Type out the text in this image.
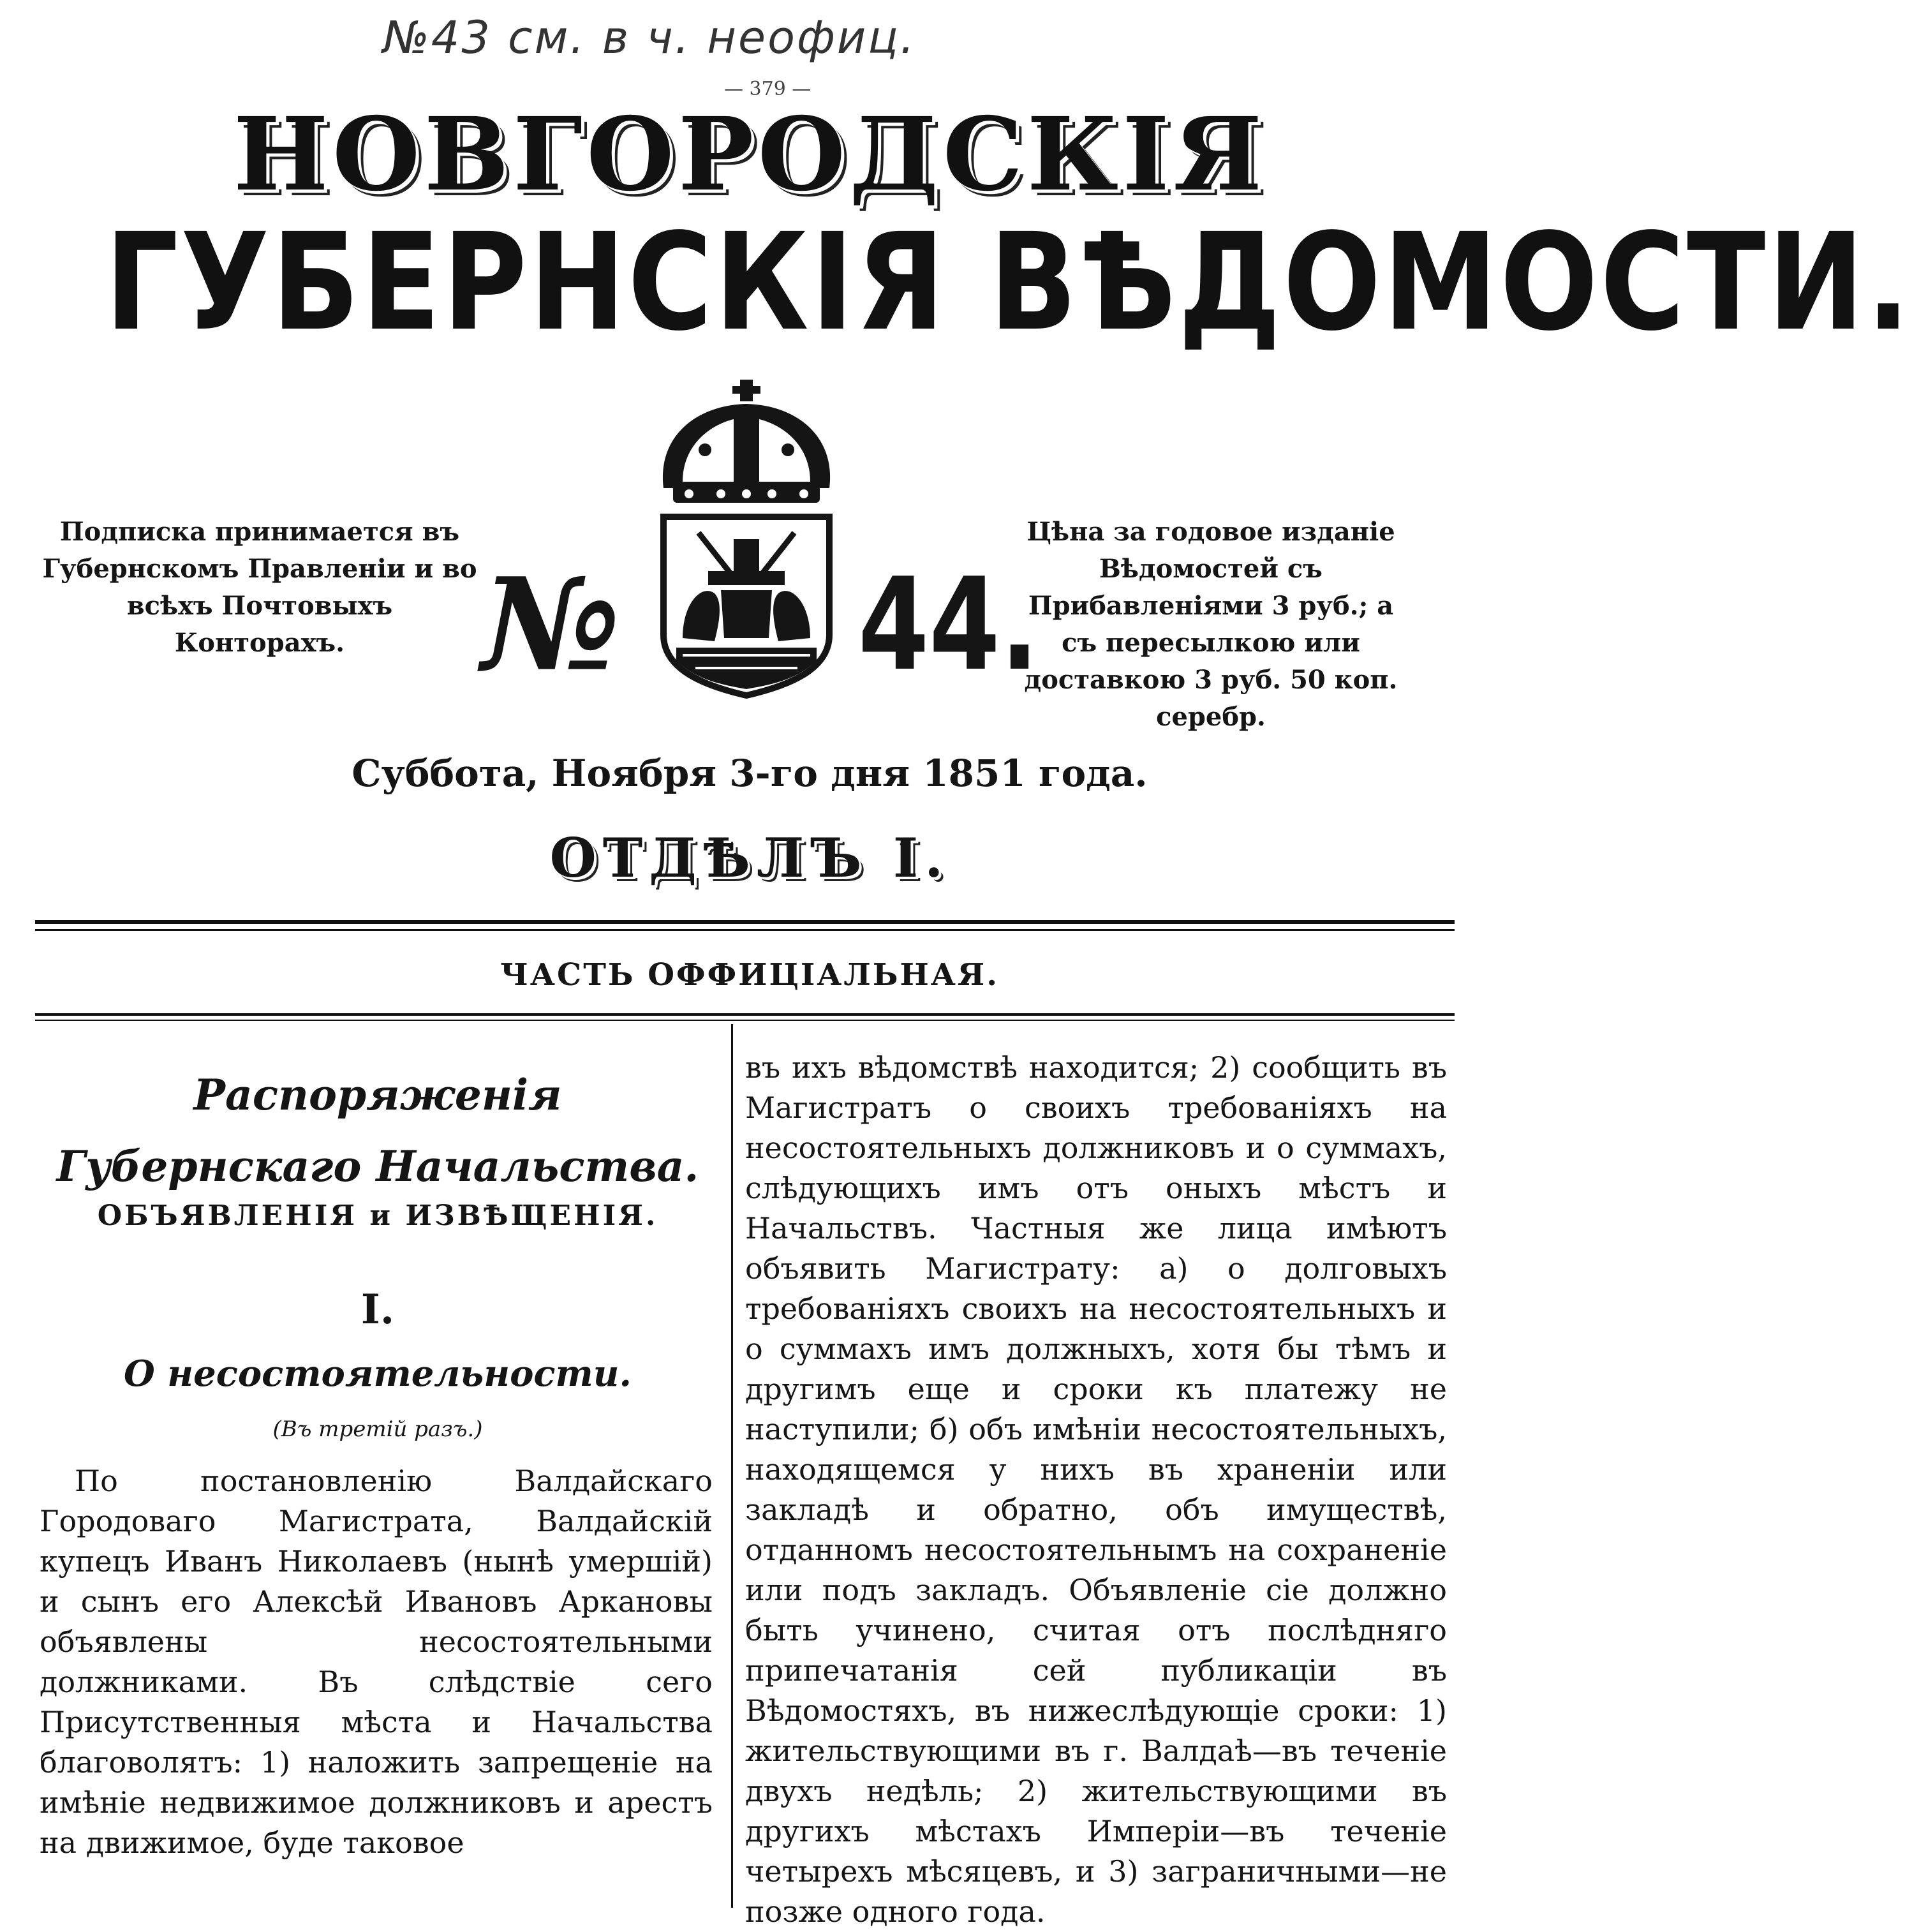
№43 см. в ч. неофиц.
— 379 —
НОВГОРОДСКІЯ
ГУБЕРНСКІЯ ВѢДОМОСТИ.
Подписка принимается въ Губернскомъ Правленіи и во всѣхъ Почтовыхъ Конторахъ.	№ 44.
Цѣна за годовое изданіе Вѣдомостей съ Прибавленіями 3 руб.; а съ пересылкою или доставкою 3 руб. 50 коп. серебр.
Суббота, Ноября 3-го дня 1851 года.
ОТДѢЛЪ I.
ЧАСТЬ ОФФИЦІАЛЬНАЯ.
Распоряженія Губернскаго Начальства.
ОБЪЯВЛЕНІЯ и ИЗВѢЩЕНІЯ.
I.
О несостоятельности.
(Въ третій разъ.)
По постановленію Валдайскаго Городоваго Магистрата, Валдайскій купецъ Иванъ Николаевъ (нынѣ умершій) и сынъ его Алексѣй Ивановъ Аркановы объявлены несостоятельными должниками. Въ слѣдствіе сего Присутственныя мѣста и Начальства благоволятъ: 1) наложить запрещеніе на имѣніе недвижимое должниковъ и арестъ на движимое, буде таковое
въ ихъ вѣдомствѣ находится; 2) сообщить въ Магистратъ о своихъ требованіяхъ на несостоятельныхъ должниковъ и о суммахъ, слѣдующихъ имъ отъ оныхъ мѣстъ и Начальствъ. Частныя же лица имѣютъ объявить Магистрату: а) о долговыхъ требованіяхъ своихъ на несостоятельныхъ и о суммахъ имъ должныхъ, хотя бы тѣмъ и другимъ еще и сроки къ платежу не наступили; б) объ имѣніи несостоятельныхъ, находящемся у нихъ въ храненіи или закладѣ и обратно, объ имуществѣ, отданномъ несостоятельнымъ на сохраненіе или подъ закладъ. Объявленіе сіе должно быть учинено, считая отъ послѣдняго припечатанія сей публикаціи въ Вѣдомостяхъ, въ нижеслѣдующіе сроки: 1) жительствующими въ г. Валдаѣ—въ теченіе двухъ недѣль; 2) жительствующими въ другихъ мѣстахъ Имперіи—въ теченіе четырехъ мѣсяцевъ, и 3) заграничными—не позже одного года.
